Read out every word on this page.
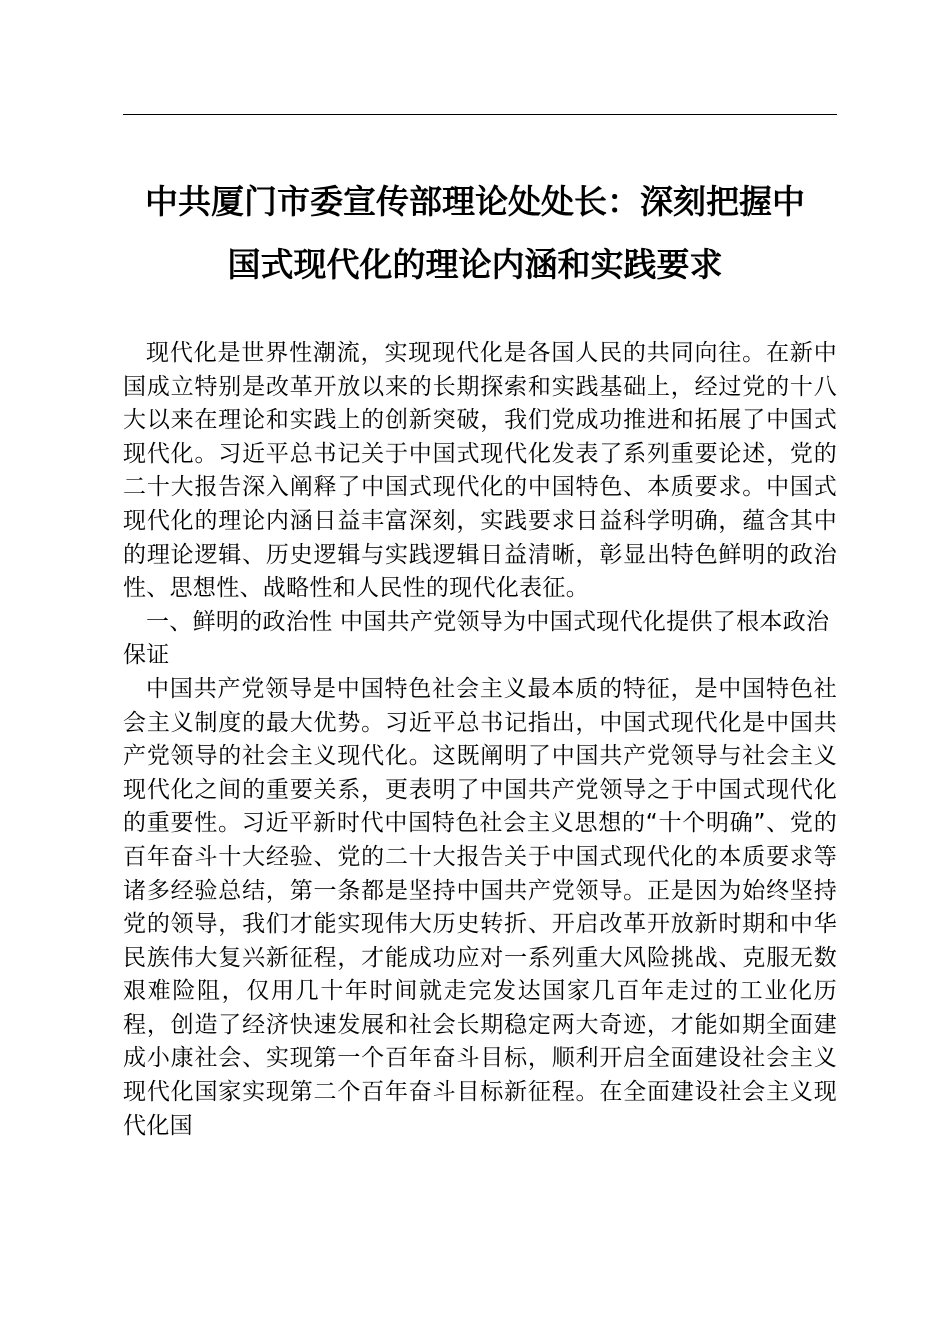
中共厦门市委宣传部理论处处长：深刻把握中
国式现代化的理论内涵和实践要求

现代化是世界性潮流，实现现代化是各国人民的共同向往。在新中国成立特别是改革开放以来的长期探索和实践基础上，经过党的十八大以来在理论和实践上的创新突破，我们党成功推进和拓展了中国式现代化。习近平总书记关于中国式现代化发表了系列重要论述，党的二十大报告深入阐释了中国式现代化的中国特色、本质要求。中国式现代化的理论内涵日益丰富深刻，实践要求日益科学明确，蕴含其中的理论逻辑、历史逻辑与实践逻辑日益清晰，彰显出特色鲜明的政治性、思想性、战略性和人民性的现代化表征。

一、鲜明的政治性 中国共产党领导为中国式现代化提供了根本政治保证

中国共产党领导是中国特色社会主义最本质的特征，是中国特色社会主义制度的最大优势。习近平总书记指出，中国式现代化是中国共产党领导的社会主义现代化。这既阐明了中国共产党领导与社会主义现代化之间的重要关系，更表明了中国共产党领导之于中国式现代化的重要性。习近平新时代中国特色社会主义思想的“十个明确”、党的百年奋斗十大经验、党的二十大报告关于中国式现代化的本质要求等诸多经验总结，第一条都是坚持中国共产党领导。正是因为始终坚持党的领导，我们才能实现伟大历史转折、开启改革开放新时期和中华民族伟大复兴新征程，才能成功应对一系列重大风险挑战、克服无数艰难险阻，仅用几十年时间就走完发达国家几百年走过的工业化历程，创造了经济快速发展和社会长期稳定两大奇迹，才能如期全面建成小康社会、实现第一个百年奋斗目标，顺利开启全面建设社会主义现代化国家实现第二个百年奋斗目标新征程。在全面建设社会主义现代化国
